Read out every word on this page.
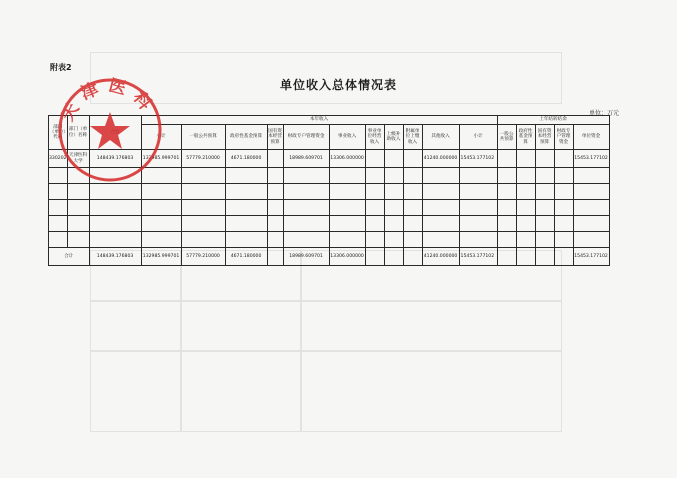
附表2
单位收入总体情况表
单位：万元
部门（单位）代码	部门（单位）名称		本年收入											上年结转结余				
			小计	一般公共预算	政府性基金预算	国有资本经营预算	财政专户管理资金	事业收入	事业单位经营收入	上级补助收入	附属单位上缴收入	其他收入	小计	一般公共预算	政府性基金预算	国有资本经营预算	财政专户管理资金	单位资金
330202	天津医科大学	148439.176803	132985.999701	57779.210000	4671.180000		18989.609701	13306.000000				41240.000000	15453.177102					15453.177102

合计		148439.176803	132985.999701	57779.210000	4671.180000		18989.609701	13306.000000				41240.000000	15453.177102					15453.177102
天津医科
